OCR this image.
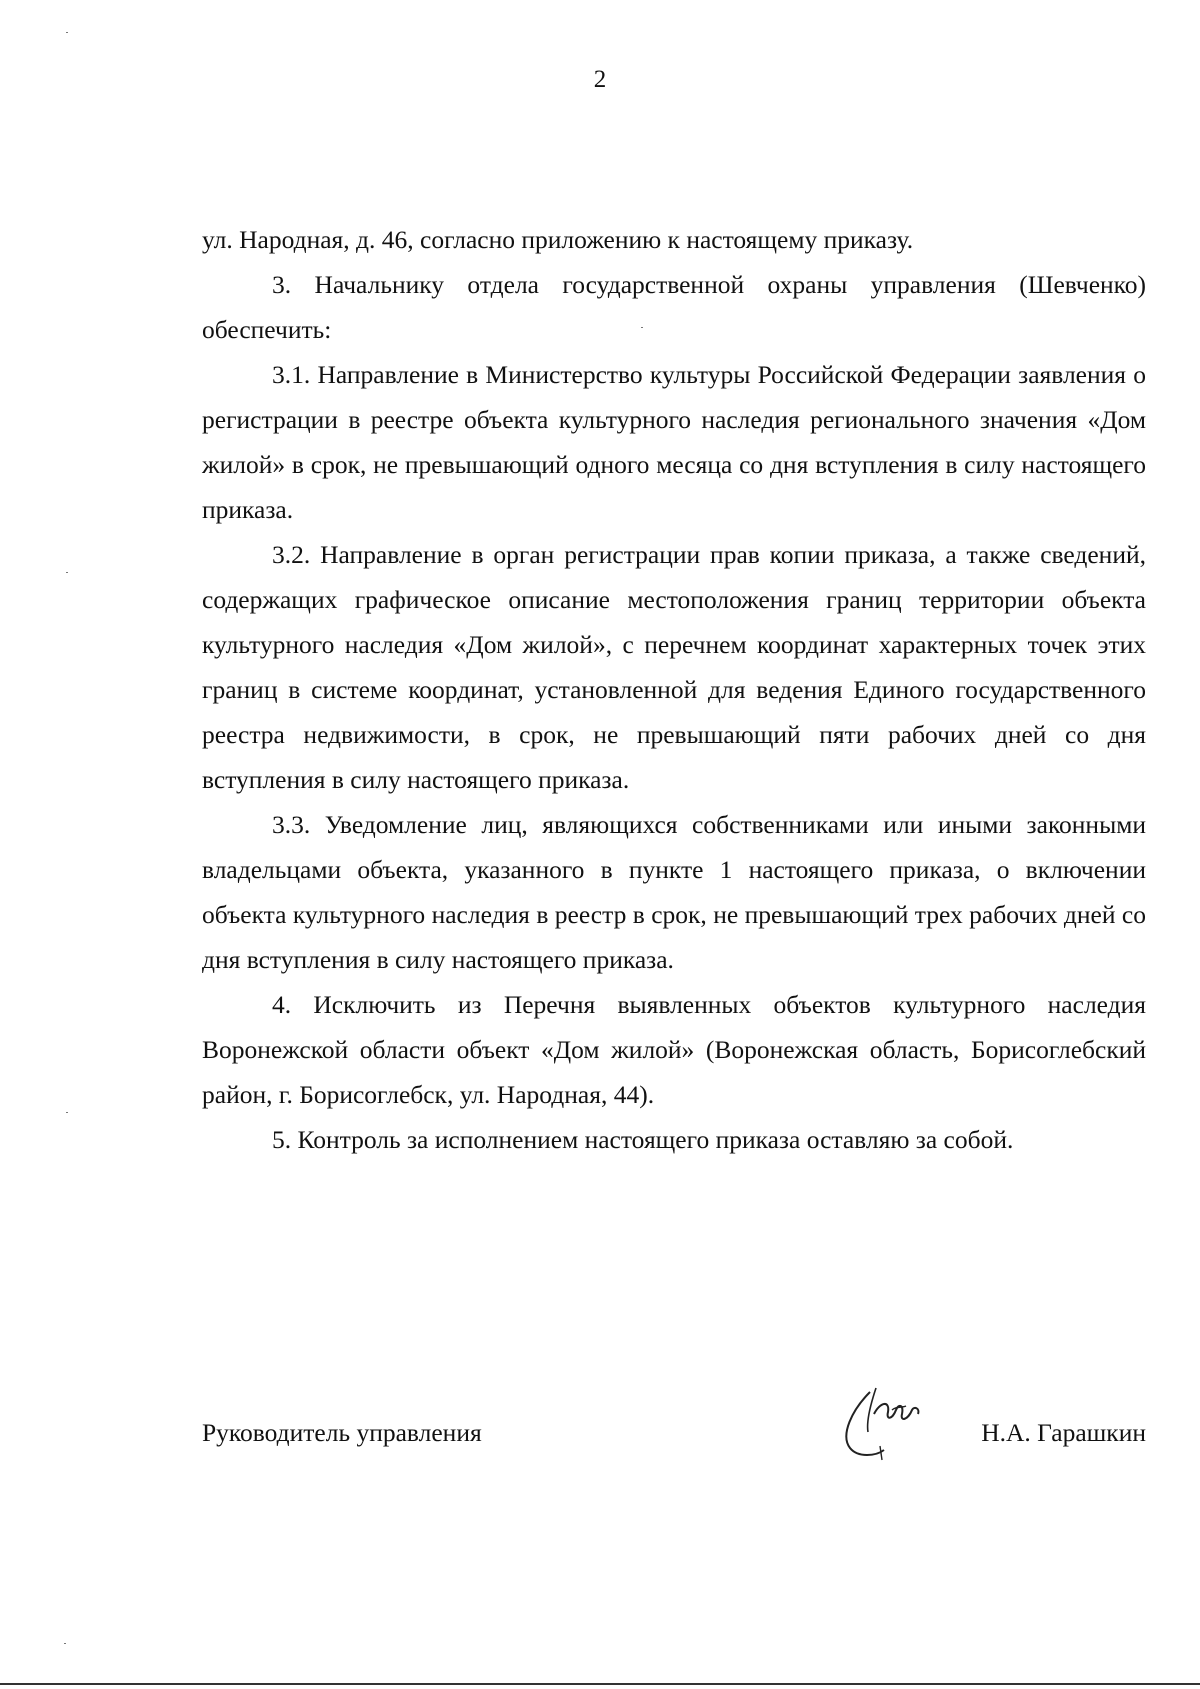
2

ул. Народная, д. 46, согласно приложению к настоящему приказу.

3. Начальнику отдела государственной охраны управления (Шевченко) обеспечить:

3.1. Направление в Министерство культуры Российской Федерации заявления о регистрации в реестре объекта культурного наследия регионального значения «Дом жилой» в срок, не превышающий одного месяца со дня вступления в силу настоящего приказа.

3.2. Направление в орган регистрации прав копии приказа, а также сведений, содержащих графическое описание местоположения границ территории объекта культурного наследия «Дом жилой», с перечнем координат характерных точек этих границ в системе координат, установленной для ведения Единого государственного реестра недвижимости, в срок, не превышающий пяти рабочих дней со дня вступления в силу настоящего приказа.

3.3. Уведомление лиц, являющихся собственниками или иными законными владельцами объекта, указанного в пункте 1 настоящего приказа, о включении объекта культурного наследия в реестр в срок, не превышающий трех рабочих дней со дня вступления в силу настоящего приказа.

4. Исключить из Перечня выявленных объектов культурного наследия Воронежской области объект «Дом жилой» (Воронежская область, Борисоглебский район, г. Борисоглебск, ул. Народная, 44).

5. Контроль за исполнением настоящего приказа оставляю за собой.

Руководитель управления	Н.А. Гарашкин
